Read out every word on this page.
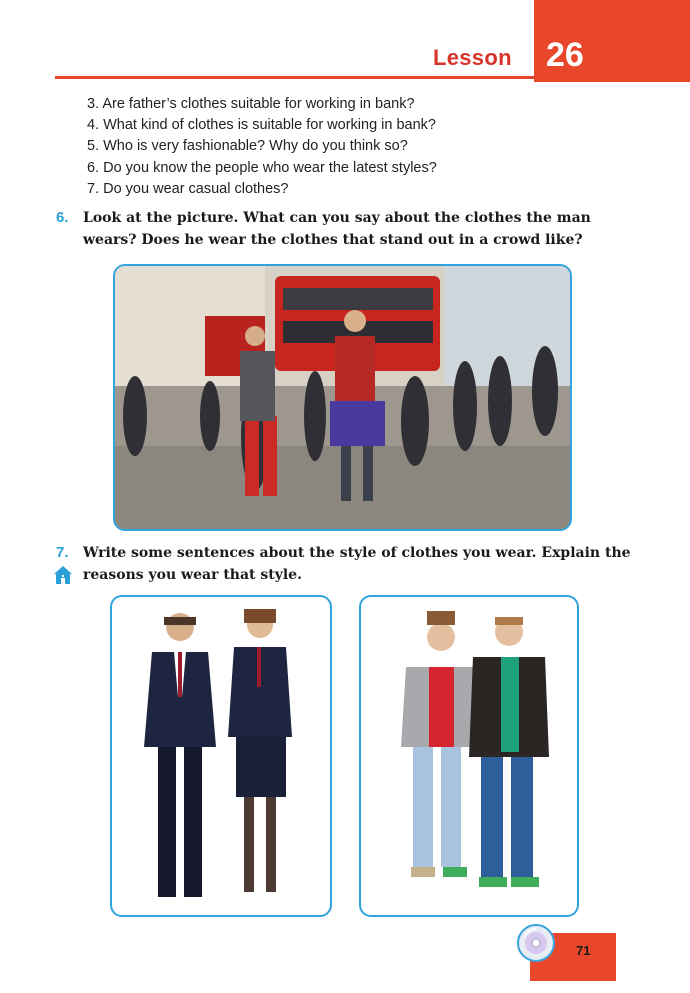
Lesson 26
3. Are father’s clothes suitable for working in bank?
4. What kind of clothes is suitable for working in bank?
5. Who is very fashionable? Why do you think so?
6. Do you know the people who wear the latest styles?
7. Do you wear casual clothes?
6. Look at the picture. What can you say about the clothes the man wears? Does he wear the clothes that stand out in a crowd like?
7. Write some sentences about the style of clothes you wear. Explain the reasons you wear that style.
71
